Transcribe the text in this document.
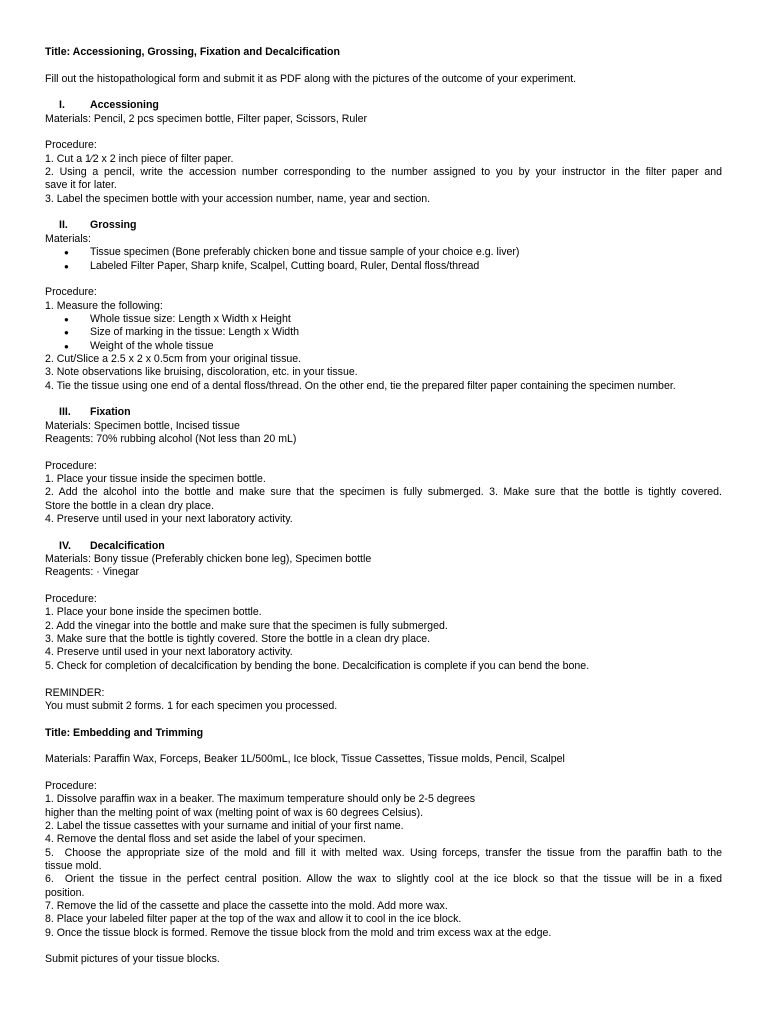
Title: Accessioning, Grossing, Fixation and Decalcification
Fill out the histopathological form and submit it as PDF along with the pictures of the outcome of your experiment.
I. Accessioning
Materials: Pencil, 2 pcs specimen bottle, Filter paper, Scissors, Ruler
Procedure:
1. Cut a 1⁄2 x 2 inch piece of filter paper.
2. Using a pencil, write the accession number corresponding to the number assigned to you by your instructor in the filter paper and
save it for later.
3. Label the specimen bottle with your accession number, name, year and section.
II. Grossing
Materials:
● Tissue specimen (Bone preferably chicken bone and tissue sample of your choice e.g. liver)
● Labeled Filter Paper, Sharp knife, Scalpel, Cutting board, Ruler, Dental floss/thread
Procedure:
1. Measure the following:
● Whole tissue size: Length x Width x Height
● Size of marking in the tissue: Length x Width
● Weight of the whole tissue
2. Cut/Slice a 2.5 x 2 x 0.5cm from your original tissue.
3. Note observations like bruising, discoloration, etc. in your tissue.
4. Tie the tissue using one end of a dental floss/thread. On the other end, tie the prepared filter paper containing the specimen number.
III. Fixation
Materials: Specimen bottle, Incised tissue
Reagents: 70% rubbing alcohol (Not less than 20 mL)
Procedure:
1. Place your tissue inside the specimen bottle.
2. Add the alcohol into the bottle and make sure that the specimen is fully submerged. 3. Make sure that the bottle is tightly covered.
Store the bottle in a clean dry place.
4. Preserve until used in your next laboratory activity.
IV. Decalcification
Materials: Bony tissue (Preferably chicken bone leg), Specimen bottle
Reagents: · Vinegar
Procedure:
1. Place your bone inside the specimen bottle.
2. Add the vinegar into the bottle and make sure that the specimen is fully submerged.
3. Make sure that the bottle is tightly covered. Store the bottle in a clean dry place.
4. Preserve until used in your next laboratory activity.
5. Check for completion of decalcification by bending the bone. Decalcification is complete if you can bend the bone.
REMINDER:
You must submit 2 forms. 1 for each specimen you processed.
Title: Embedding and Trimming
Materials: Paraffin Wax, Forceps, Beaker 1L/500mL, Ice block, Tissue Cassettes, Tissue molds, Pencil, Scalpel
Procedure:
1. Dissolve paraffin wax in a beaker. The maximum temperature should only be 2-5 degrees
higher than the melting point of wax (melting point of wax is 60 degrees Celsius).
2. Label the tissue cassettes with your surname and initial of your first name.
4. Remove the dental floss and set aside the label of your specimen.
5.  Choose the appropriate size of the mold and fill it with melted wax. Using forceps, transfer the tissue from the paraffin bath to the
tissue mold.
6.  Orient the tissue in the perfect central position. Allow the wax to slightly cool at the ice block so that the tissue will be in a fixed
position.
7. Remove the lid of the cassette and place the cassette into the mold. Add more wax.
8. Place your labeled filter paper at the top of the wax and allow it to cool in the ice block.
9. Once the tissue block is formed. Remove the tissue block from the mold and trim excess wax at the edge.
Submit pictures of your tissue blocks.
